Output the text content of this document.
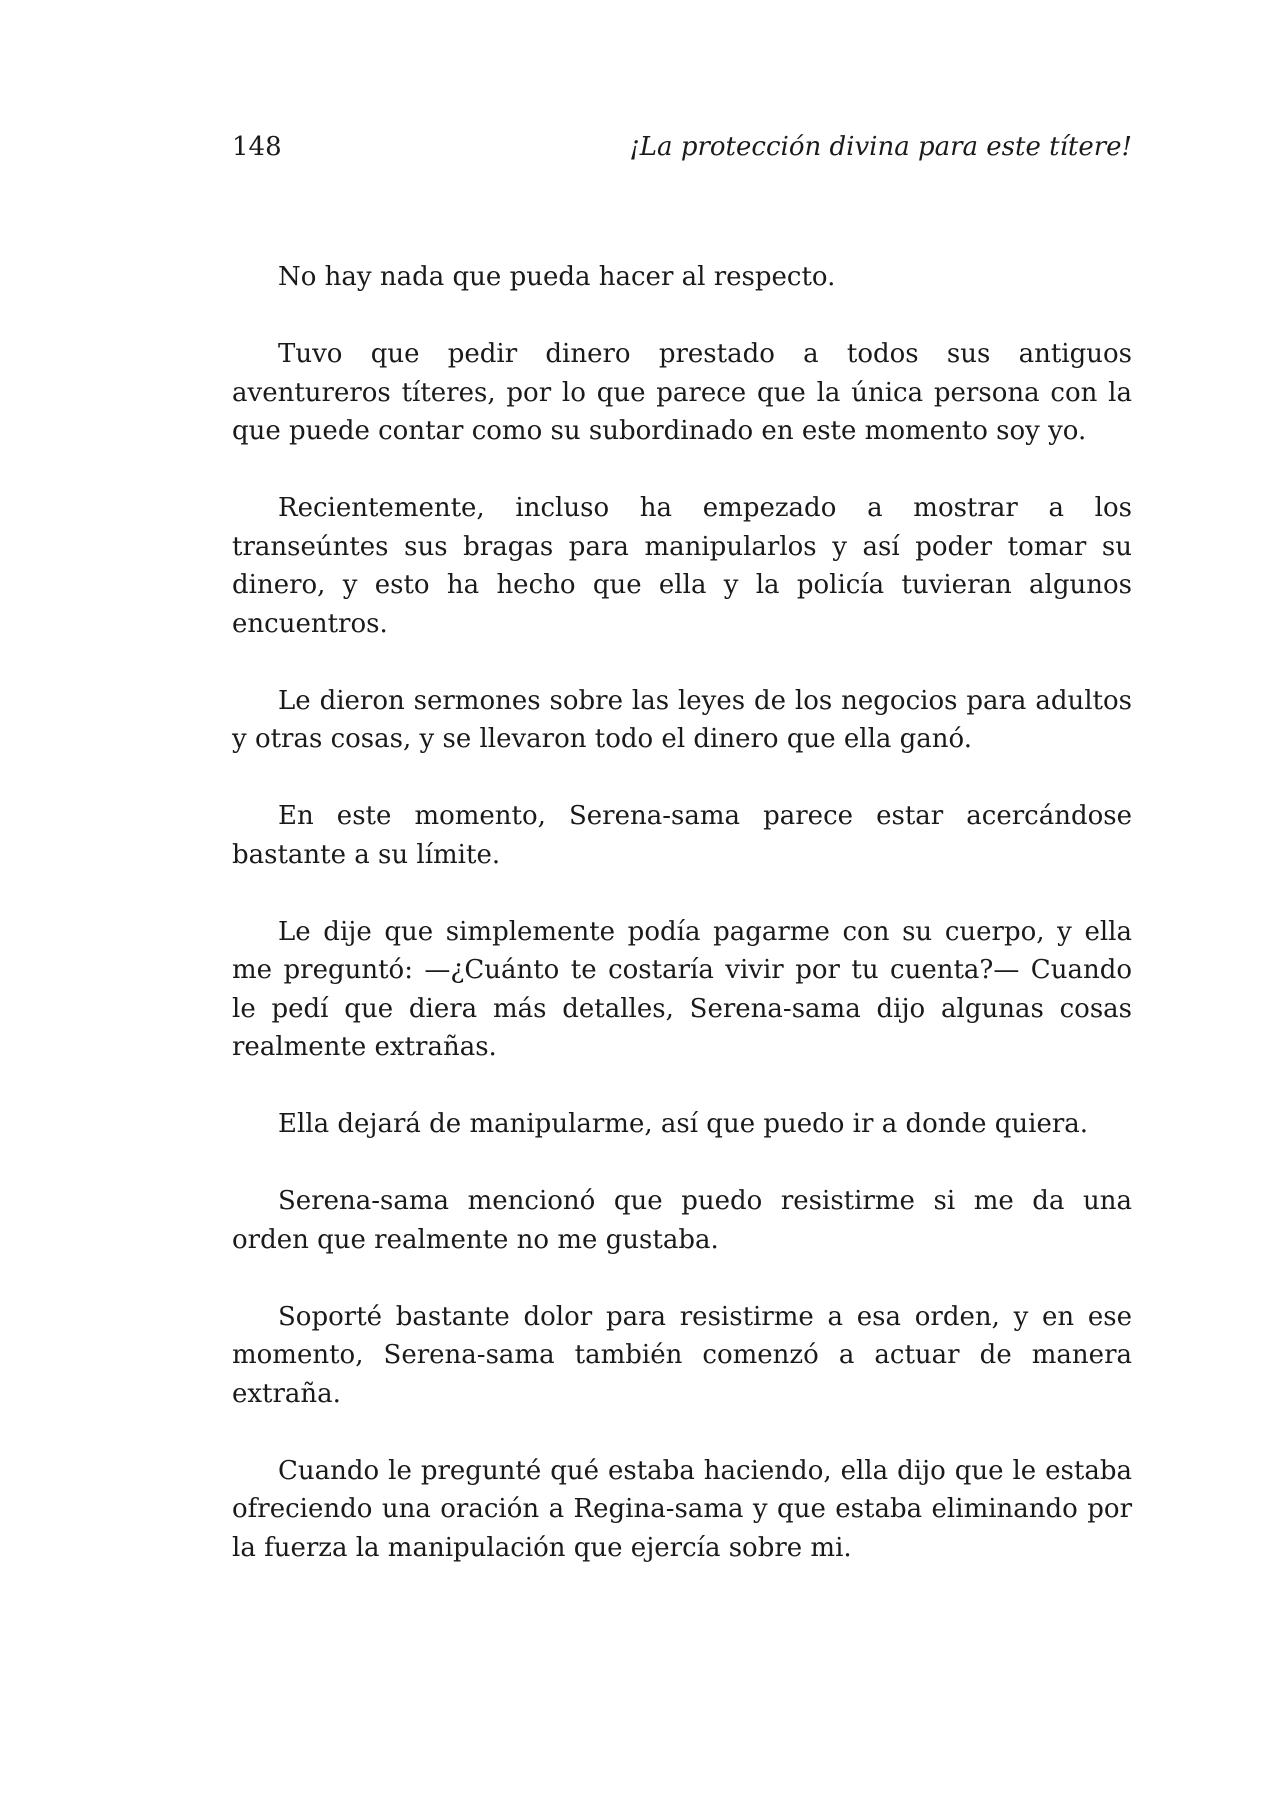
148	¡La protección divina para este títere!

No hay nada que pueda hacer al respecto.

Tuvo que pedir dinero prestado a todos sus antiguos aventureros títeres, por lo que parece que la única persona con la que puede contar como su subordinado en este momento soy yo.

Recientemente, incluso ha empezado a mostrar a los transeúntes sus bragas para manipularlos y así poder tomar su dinero, y esto ha hecho que ella y la policía tuvieran algunos encuentros.

Le dieron sermones sobre las leyes de los negocios para adultos y otras cosas, y se llevaron todo el dinero que ella ganó.

En este momento, Serena-sama parece estar acercándose bastante a su límite.

Le dije que simplemente podía pagarme con su cuerpo, y ella me preguntó: —¿Cuánto te costaría vivir por tu cuenta?— Cuando le pedí que diera más detalles, Serena-sama dijo algunas cosas realmente extrañas.

Ella dejará de manipularme, así que puedo ir a donde quiera.

Serena-sama mencionó que puedo resistirme si me da una orden que realmente no me gustaba.

Soporté bastante dolor para resistirme a esa orden, y en ese momento, Serena-sama también comenzó a actuar de manera extraña.

Cuando le pregunté qué estaba haciendo, ella dijo que le estaba ofreciendo una oración a Regina-sama y que estaba eliminando por la fuerza la manipulación que ejercía sobre mi.
